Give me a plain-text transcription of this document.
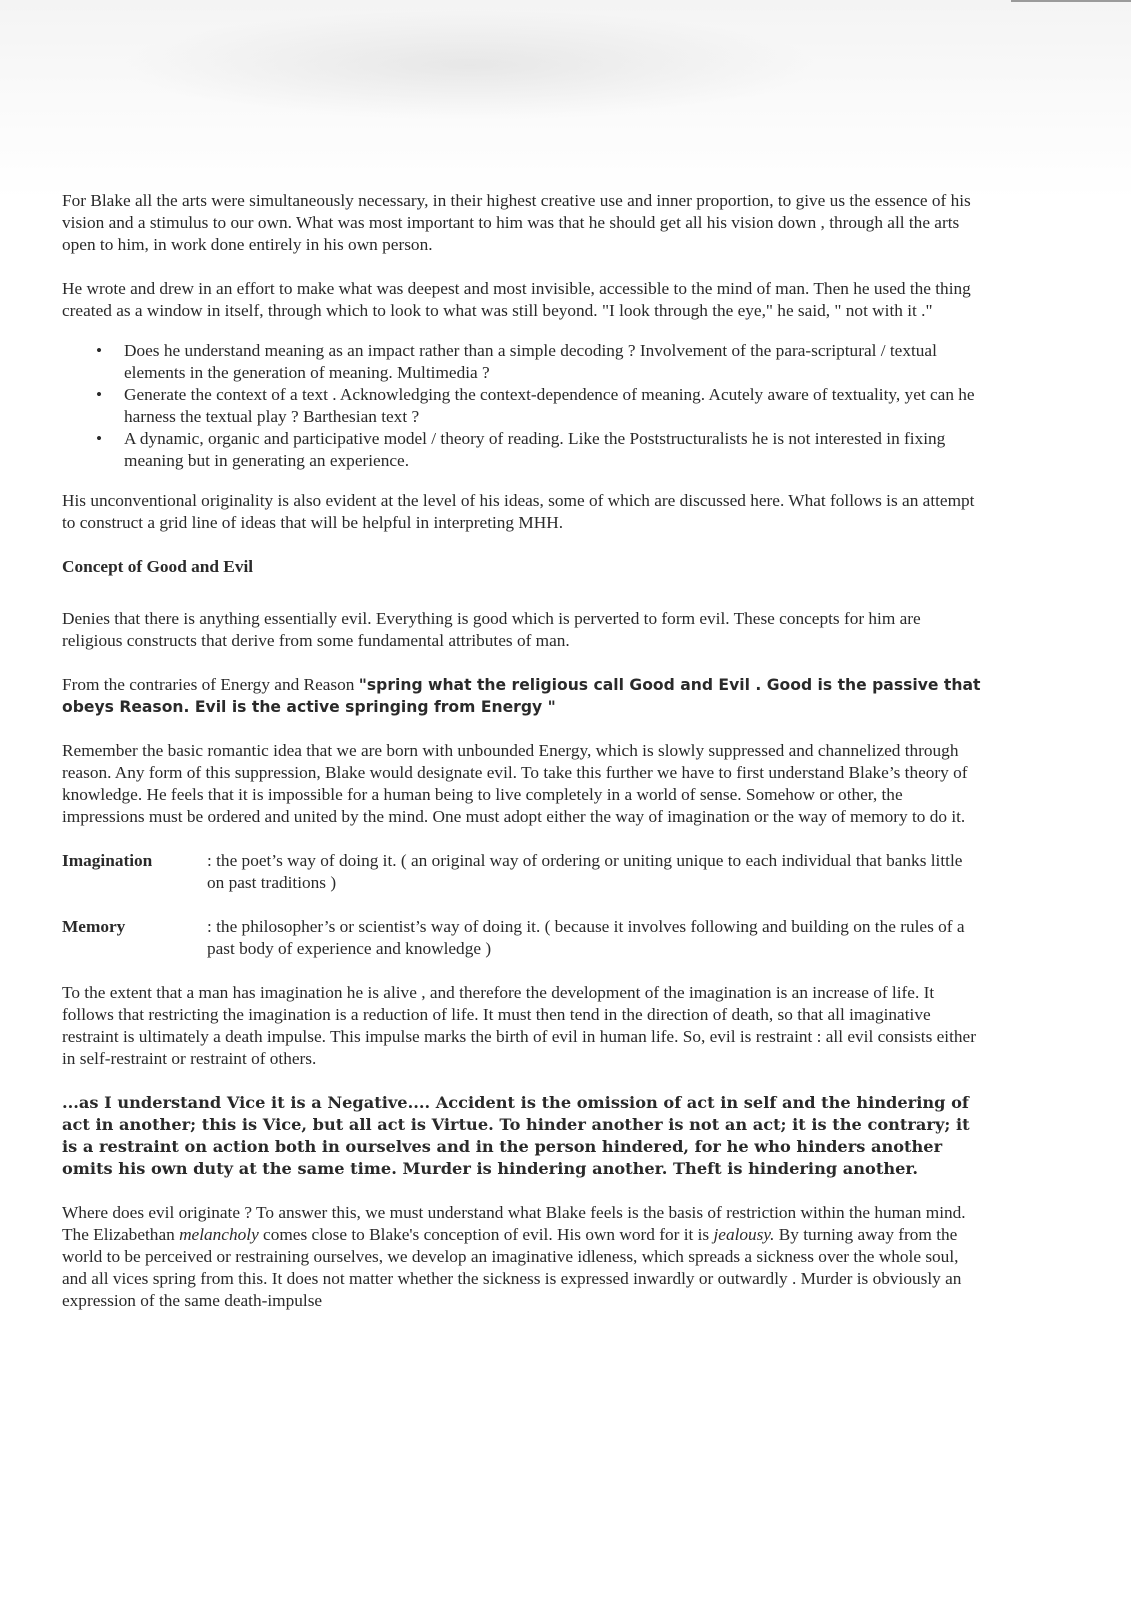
For Blake all the arts were simultaneously necessary, in their highest creative use and inner proportion, to give us the essence of his vision and a stimulus to our own. What was most important to him was that he should get all his vision down , through all the arts open to him, in work done entirely in his own person.

He wrote and drew in an effort to make what was deepest and most invisible, accessible to the mind of man. Then he used the thing created as a window in itself, through which to look to what was still beyond. "I look through the eye," he said, " not with it ."

• Does he understand meaning as an impact rather than a simple decoding ? Involvement of the para-scriptural / textual elements in the generation of meaning. Multimedia ?
• Generate the context of a text . Acknowledging the context-dependence of meaning. Acutely aware of textuality, yet can he harness the textual play ? Barthesian text ?
• A dynamic, organic and participative model / theory of reading. Like the Poststructuralists he is not interested in fixing meaning but in generating an experience.

His unconventional originality is also evident at the level of his ideas, some of which are discussed here. What follows is an attempt to construct a grid line of ideas that will be helpful in interpreting MHH.

Concept of Good and Evil

Denies that there is anything essentially evil. Everything is good which is perverted to form evil. These concepts for him are religious constructs that derive from some fundamental attributes of man.

From the contraries of Energy and Reason "spring what the religious call Good and Evil . Good is the passive that obeys Reason. Evil is the active springing from Energy "

Remember the basic romantic idea that we are born with unbounded Energy, which is slowly suppressed and channelized through reason. Any form of this suppression, Blake would designate evil. To take this further we have to first understand Blake’s theory of knowledge. He feels that it is impossible for a human being to live completely in a world of sense. Somehow or other, the impressions must be ordered and united by the mind. One must adopt either the way of imagination or the way of memory to do it.

Imagination	: the poet’s way of doing it. ( an original way of ordering or uniting unique to each individual that banks little on past traditions )
Memory	: the philosopher’s or scientist’s way of doing it. ( because it involves following and building on the rules of a past body of experience and knowledge )

To the extent that a man has imagination he is alive , and therefore the development of the imagination is an increase of life. It follows that restricting the imagination is a reduction of life. It must then tend in the direction of death, so that all imaginative restraint is ultimately a death impulse. This impulse marks the birth of evil in human life. So, evil is restraint : all evil consists either in self-restraint or restraint of others.

...as I understand Vice it is a Negative.... Accident is the omission of act in self and the hindering of act in another; this is Vice, but all act is Virtue. To hinder another is not an act; it is the contrary; it is a restraint on action both in ourselves and in the person hindered, for he who hinders another omits his own duty at the same time. Murder is hindering another. Theft is hindering another.

Where does evil originate ? To answer this, we must understand what Blake feels is the basis of restriction within the human mind. The Elizabethan melancholy comes close to Blake's conception of evil. His own word for it is jealousy. By turning away from the world to be perceived or restraining ourselves, we develop an imaginative idleness, which spreads a sickness over the whole soul, and all vices spring from this. It does not matter whether the sickness is expressed inwardly or outwardly . Murder is obviously an expression of the same death-impulse
